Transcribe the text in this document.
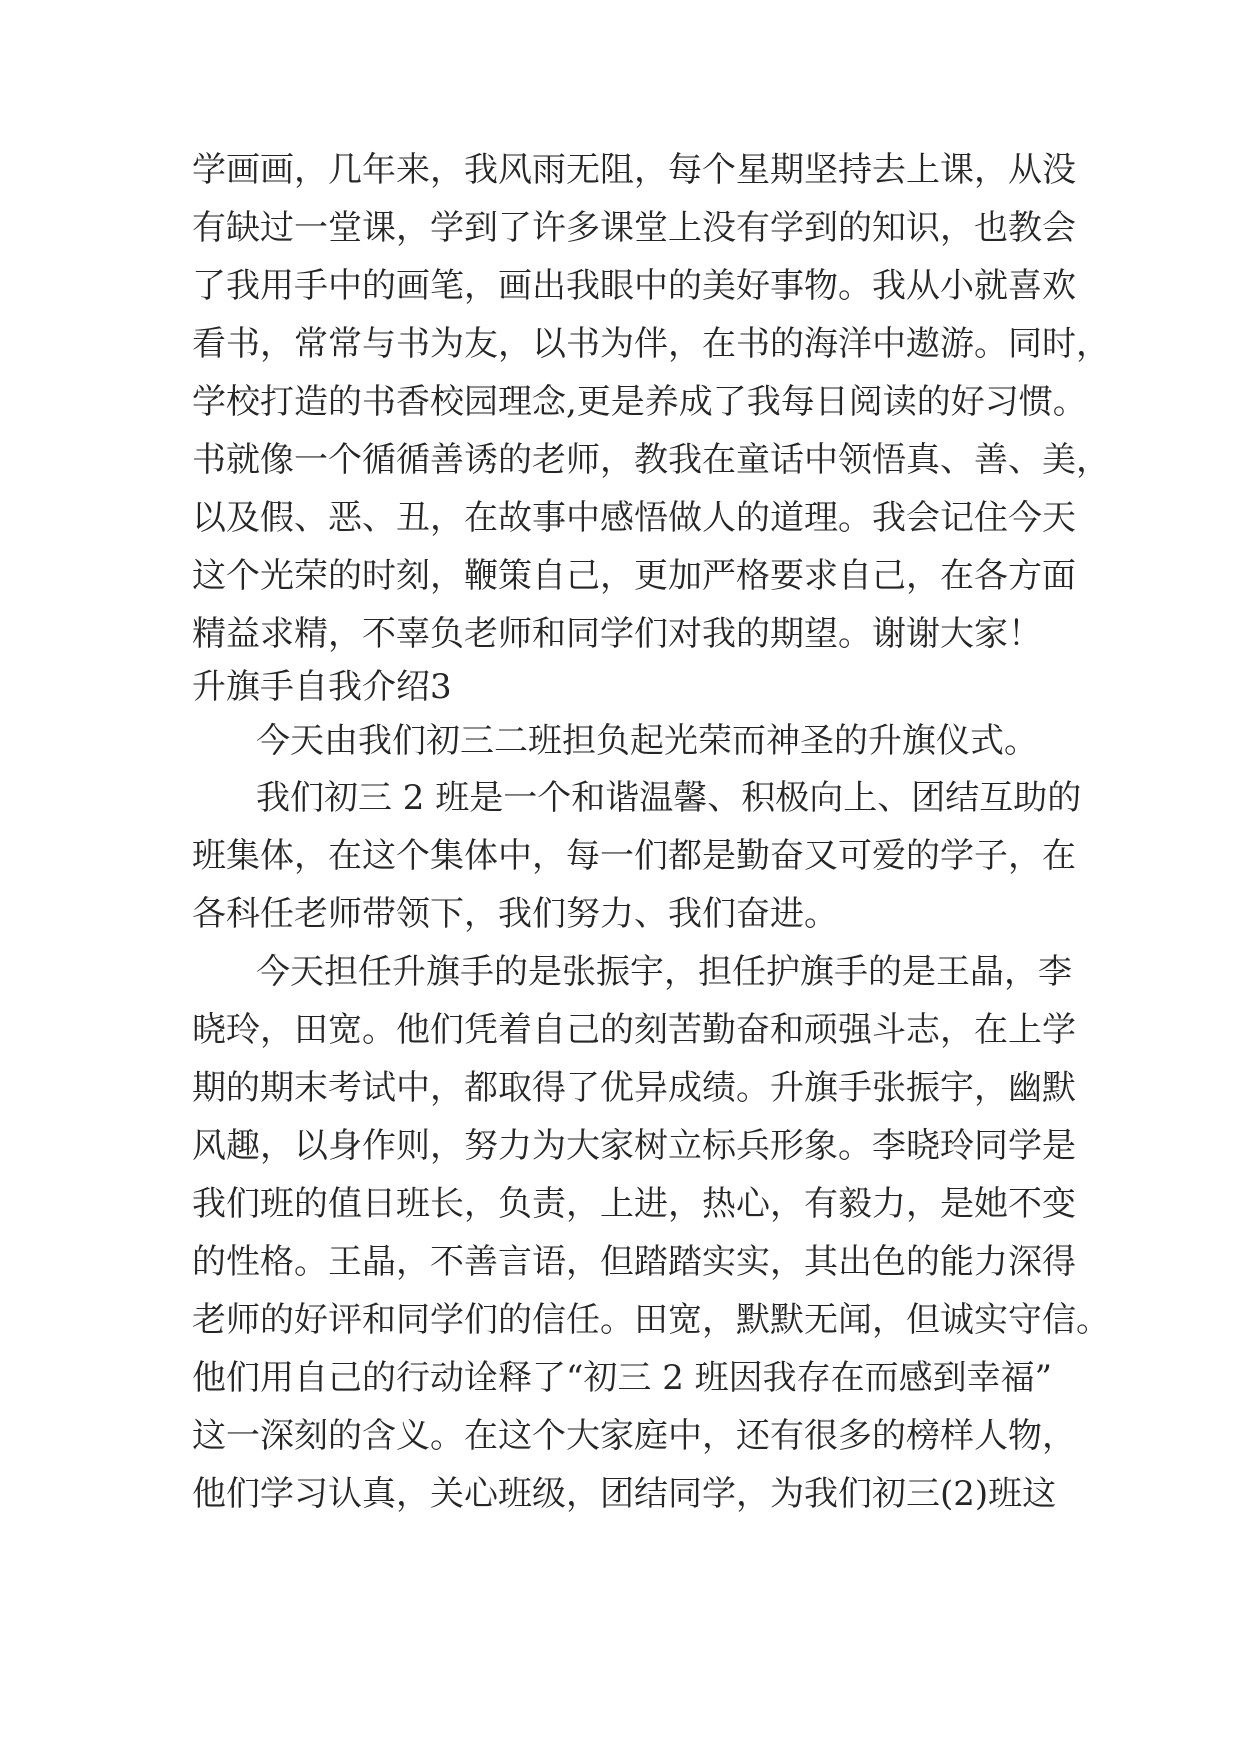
学画画，几年来，我风雨无阻，每个星期坚持去上课，从没
有缺过一堂课，学到了许多课堂上没有学到的知识，也教会
了我用手中的画笔，画出我眼中的美好事物。我从小就喜欢
看书，常常与书为友，以书为伴，在书的海洋中遨游。同时，
学校打造的书香校园理念,更是养成了我每日阅读的好习惯。
书就像一个循循善诱的老师，教我在童话中领悟真、善、美，
以及假、恶、丑，在故事中感悟做人的道理。我会记住今天
这个光荣的时刻，鞭策自己，更加严格要求自己，在各方面
精益求精，不辜负老师和同学们对我的期望。谢谢大家！
升旗手自我介绍3
今天由我们初三二班担负起光荣而神圣的升旗仪式。
我们初三 2 班是一个和谐温馨、积极向上、团结互助的
班集体，在这个集体中，每一们都是勤奋又可爱的学子，在
各科任老师带领下，我们努力、我们奋进。
今天担任升旗手的是张振宇，担任护旗手的是王晶，李
晓玲，田宽。他们凭着自己的刻苦勤奋和顽强斗志，在上学
期的期末考试中，都取得了优异成绩。升旗手张振宇，幽默
风趣，以身作则，努力为大家树立标兵形象。李晓玲同学是
我们班的值日班长，负责，上进，热心，有毅力，是她不变
的性格。王晶，不善言语，但踏踏实实，其出色的能力深得
老师的好评和同学们的信任。田宽，默默无闻，但诚实守信。
他们用自己的行动诠释了“初三 2 班因我存在而感到幸福”
这一深刻的含义。在这个大家庭中，还有很多的榜样人物，
他们学习认真，关心班级，团结同学，为我们初三(2)班这
